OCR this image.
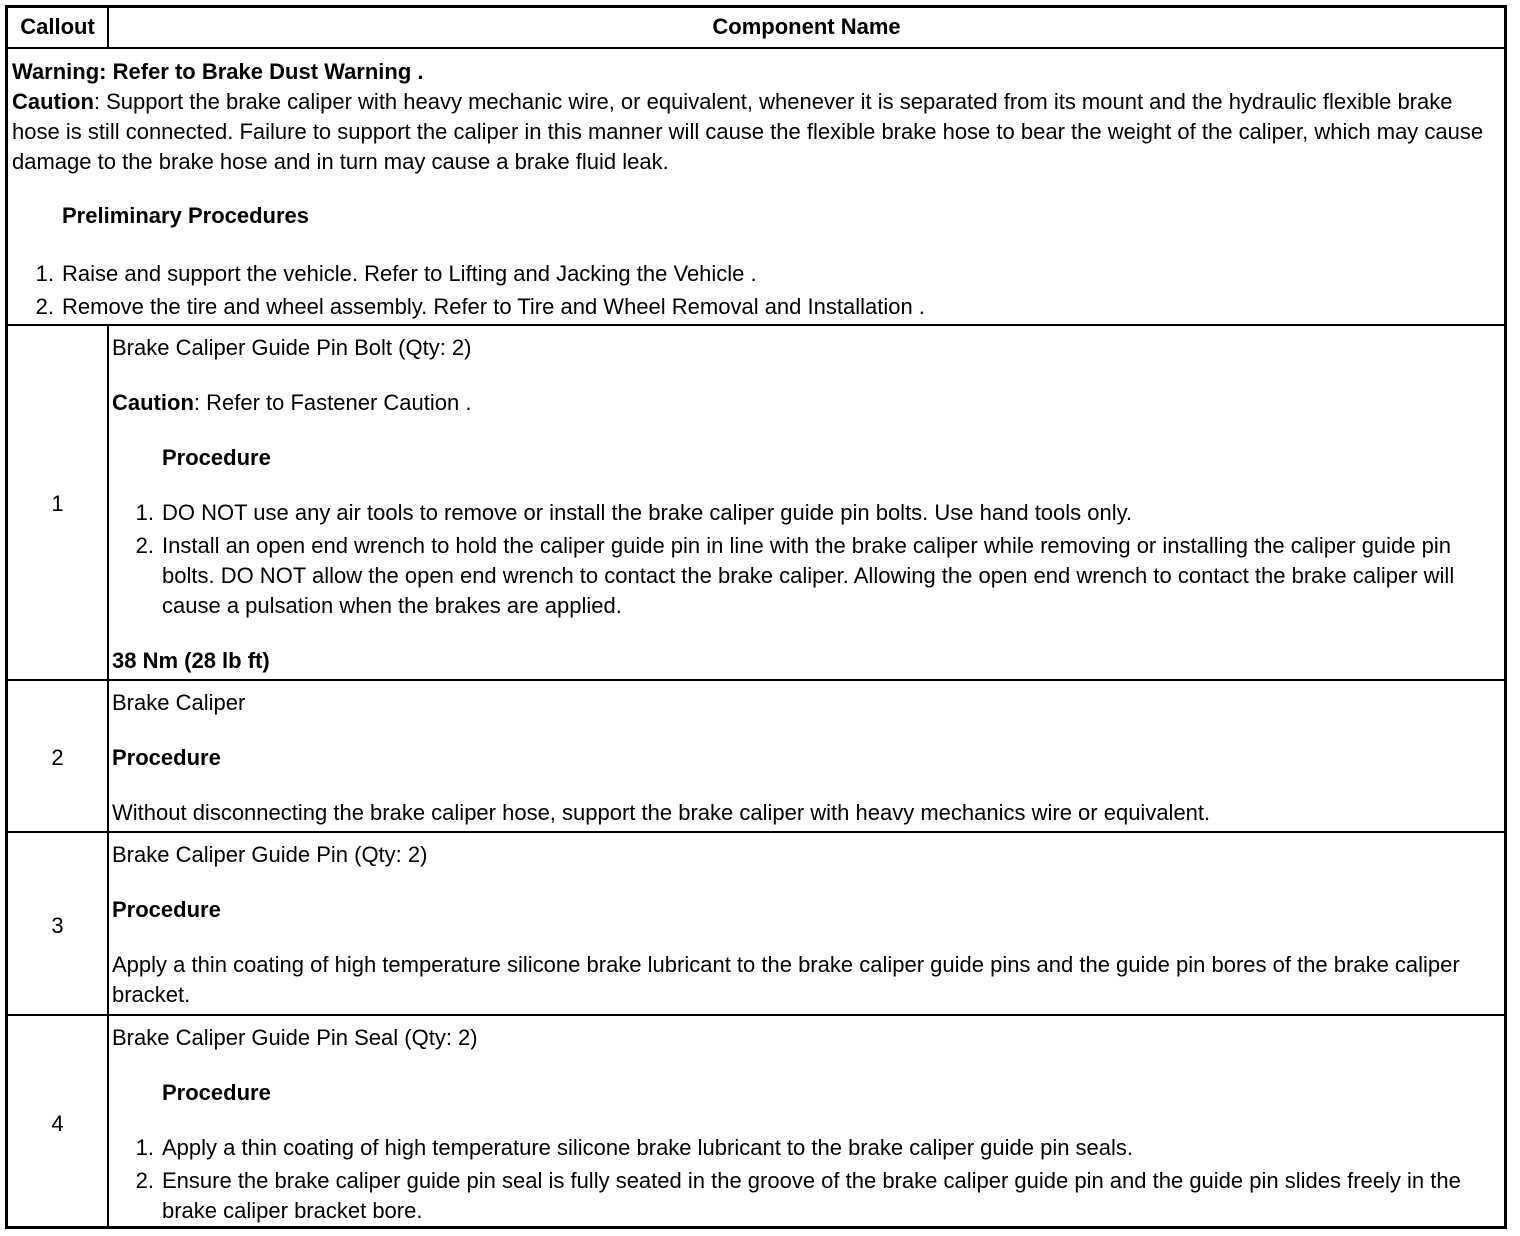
Callout	Component Name

Warning: Refer to Brake Dust Warning .

Caution: Support the brake caliper with heavy mechanic wire, or equivalent, whenever it is separated from its mount and the hydraulic flexible brake hose is still connected. Failure to support the caliper in this manner will cause the flexible brake hose to bear the weight of the caliper, which may cause damage to the brake hose and in turn may cause a brake fluid leak.

Preliminary Procedures

1. Raise and support the vehicle. Refer to Lifting and Jacking the Vehicle .
2. Remove the tire and wheel assembly. Refer to Tire and Wheel Removal and Installation .
1

Brake Caliper Guide Pin Bolt (Qty: 2)

Caution: Refer to Fastener Caution .

Procedure

1. DO NOT use any air tools to remove or install the brake caliper guide pin bolts. Use hand tools only.
2. Install an open end wrench to hold the caliper guide pin in line with the brake caliper while removing or installing the caliper guide pin bolts. DO NOT allow the open end wrench to contact the brake caliper. Allowing the open end wrench to contact the brake caliper will cause a pulsation when the brakes are applied.

38 Nm (28 lb ft)

2

Brake Caliper

Procedure

Without disconnecting the brake caliper hose, support the brake caliper with heavy mechanics wire or equivalent.

3

Brake Caliper Guide Pin (Qty: 2)

Procedure

Apply a thin coating of high temperature silicone brake lubricant to the brake caliper guide pins and the guide pin bores of the brake caliper bracket.

4

Brake Caliper Guide Pin Seal (Qty: 2)

Procedure

1. Apply a thin coating of high temperature silicone brake lubricant to the brake caliper guide pin seals.
2. Ensure the brake caliper guide pin seal is fully seated in the groove of the brake caliper guide pin and the guide pin slides freely in the brake caliper bracket bore.
